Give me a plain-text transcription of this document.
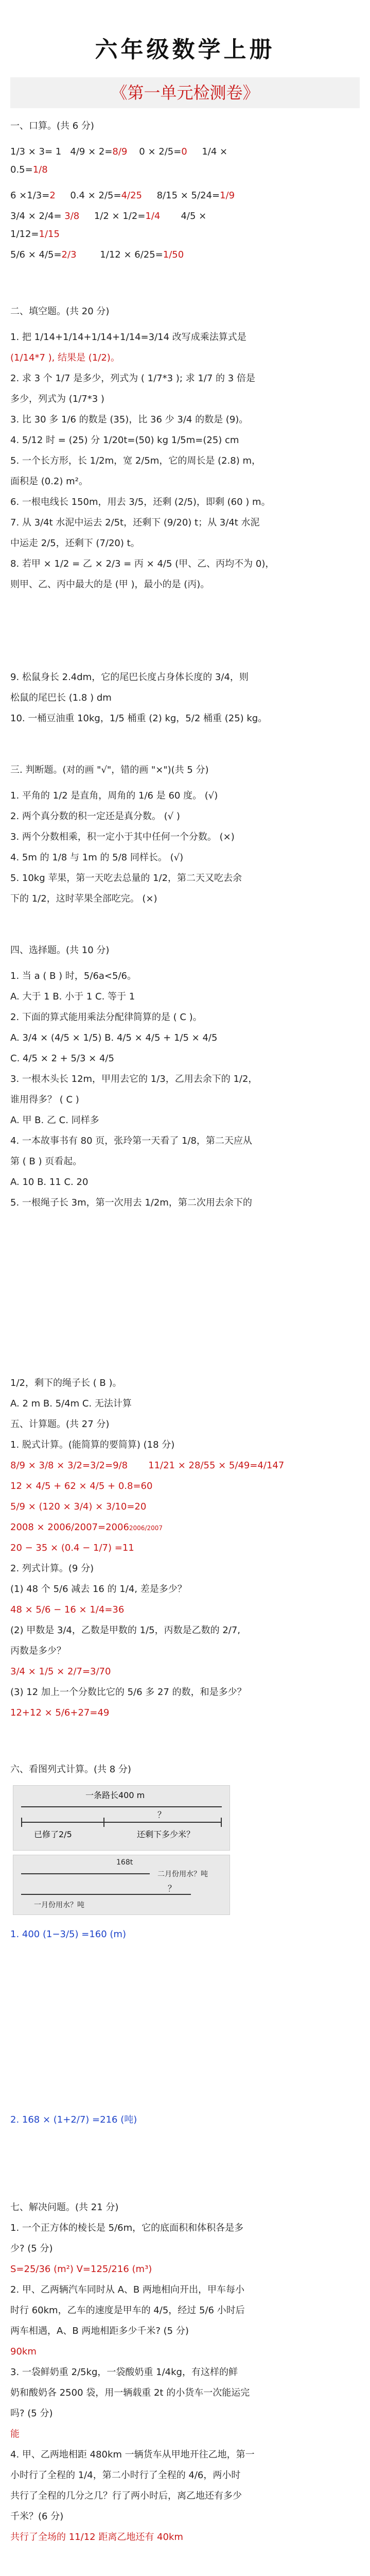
六年级数学上册
《第一单元检测卷》
一、口算。(共 6 分)
1/3 × 3= 1 4/9 × 2=8/9 0 × 2/5=0 1/4 ×
0.5=1/8
6 ×1/3=2 0.4 × 2/5=4/25 8/15 × 5/24=1/9
3/4 × 2/4= 3/8 1/2 × 1/2=1/4 4/5 ×
1/12=1/15
5/6 × 4/5=2/3	1/12 × 6/25=1/50
二、填空题。(共 20 分)
1. 把 1/14+1/14+1/14+1/14=3/14 改写成乘法算式是
(1/14*7 ), 结果是 (1/2)。
2. 求 3 个 1/7 是多少，列式为 ( 1/7*3 ); 求 1/7 的 3 倍是
多少，列式为 (1/7*3 )
3. 比 30 多 1/6 的数是 (35)，比 36 少 3/4 的数是 (9)。
4. 5/12 时 = (25) 分 1/20t=(50) kg 1/5m=(25) cm
5. 一个长方形，长 1/2m，宽 2/5m，它的周长是 (2.8) m，
面积是 (0.2) m²。
6. 一根电线长 150m，用去 3/5，还剩 (2/5)，即剩 (60 ) m。
7. 从 3/4t 水泥中运去 2/5t，还剩下 (9/20) t；从 3/4t 水泥
中运走 2/5，还剩下 (7/20) t。
8. 若甲 × 1/2 = 乙 × 2/3 = 丙 × 4/5 (甲、乙、丙均不为 0)，
则甲、乙、丙中最大的是 (甲 )，最小的是 (丙)。
9. 松鼠身长 2.4dm，它的尾巴长度占身体长度的 3/4，则
松鼠的尾巴长 (1.8 ) dm
10. 一桶豆油重 10kg，1/5 桶重 (2) kg，5/2 桶重 (25) kg。
三. 判断题。(对的画 "√"，错的画 "×")(共 5 分)
1. 平角的 1/2 是直角，周角的 1/6 是 60 度。 (√)
2. 两个真分数的积一定还是真分数。 (√ )
3. 两个分数相乘，积一定小于其中任何一个分数。 (×)
4. 5m 的 1/8 与 1m 的 5/8 同样长。 (√)
5. 10kg 苹果，第一天吃去总量的 1/2，第二天又吃去余
下的 1/2，这时苹果全部吃完。 (×)
四、选择题。(共 10 分)
1. 当 a ( B ) 时，5/6a<5/6。
A. 大于 1 B. 小于 1 C. 等于 1
2. 下面的算式能用乘法分配律简算的是 ( C )。
A. 3/4 × (4/5 × 1/5) B. 4/5 × 4/5 + 1/5 × 4/5
C. 4/5 × 2 + 5/3 × 4/5
3. 一根木头长 12m，甲用去它的 1/3，乙用去余下的 1/2，
谁用得多？ ( C )
A. 甲 B. 乙 C. 同样多
4. 一本故事书有 80 页，张玲第一天看了 1/8，第二天应从
第 ( B ) 页看起。
A. 10 B. 11 C. 20
5. 一根绳子长 3m，第一次用去 1/2m，第二次用去余下的
1/2，剩下的绳子长 ( B )。
A. 2 m B. 5/4m C. 无法计算
五、计算题。(共 27 分)
1. 脱式计算。(能简算的要简算) (18 分)
8/9 × 3/8 × 3/2=3/2=9/8 11/21 × 28/55 × 5/49=4/147
12 × 4/5 + 62 × 4/5 + 0.8=60
5/9 × (120 × 3/4) × 3/10=20
2008 × 2006/2007=20062006/2007
20 − 35 × (0.4 − 1/7) =11
2. 列式计算。(9 分)
(1) 48 个 5/6 减去 16 的 1/4, 差是多少？
48 × 5/6 − 16 × 1/4=36
(2) 甲数是 3/4，乙数是甲数的 1/5，丙数是乙数的 2/7,
丙数是多少？
3/4 × 1/5 × 2/7=3/70
(3) 12 加上一个分数比它的 5/6 多 27 的数，和是多少？
12+12 × 5/6+27=49
六、看图列式计算。(共 8 分)
一条路长400 m
已修了2/5	还剩下多少米？
？
168t
二月份用水？吨
一月份用水？吨
？
1. 400 (1−3/5) =160 (m)
2. 168 × (1+2/7) =216 (吨)
七、解决问题。(共 21 分)
1. 一个正方体的棱长是 5/6m，它的底面积和体积各是多
少? (5 分)
S=25/36 (m²) V=125/216 (m³)
2. 甲、乙两辆汽车同时从 A、B 两地相向开出，甲车每小
时行 60km，乙车的速度是甲车的 4/5，经过 5/6 小时后
两车相遇，A、B 两地相距多少千米? (5 分)
90km
3. 一袋鲜奶重 2/5kg，一袋酸奶重 1/4kg，有这样的鲜
奶和酸奶各 2500 袋，用一辆载重 2t 的小货车一次能运完
吗? (5 分)
能
4. 甲、乙两地相距 480km 一辆货车从甲地开往乙地，第一
小时行了全程的 1/4，第二小时行了全程的 4/6，两小时
共行了全程的几分之几？行了两小时后，离乙地还有多少
千米？(6 分)
共行了全场的 11/12 距离乙地还有 40km
